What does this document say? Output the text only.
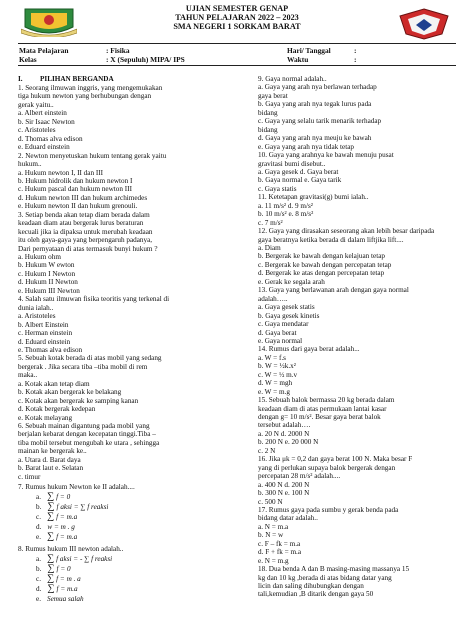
UJIAN SEMESTER GENAP
TAHUN PELAJARAN 2022 – 2023
SMA NEGERI 1 SORKAM BARAT
Mata Pelajaran	: Fisika	Hari/ Tanggal	:
Kelas	: X (Sepuluh) MIPA/ IPS	Waktu	:
I. PILIHAN BERGANDA
1. Seorang ilmuwan inggris, yang mengemukakan
tiga hukum newton yang berhubungan dengan
gerak yaitu..
a. Albert einstein
b. Sir Isaac Newton
c. Aristoteles
d. Thomas alva edison
e. Eduard einstein
2. Newton menyetuskan hukum tentang gerak yaitu
hukum..
a. Hukum newton I, II dan III
b. Hukum hidrolik dan hukum newton I
c. Hukum pascal dan hukum newton III
d. Hukum newton III dan hukum archimedes
e. Hukum newton II dan hukum grenouli.
3. Setiap benda akan tetap diam berada dalam
keadaan diam atau bergerak lurus beraturan
kecuali jika ia dipaksa untuk merubah keadaan
itu oleh gaya-gaya yang berpengaruh padanya,
Dari pernyataan di atas termasuk bunyi hukum ?
a. Hukum ohm
b. Hukum W ewton
c. Hukum I Newton
d. Hukum II Newton
e. Hukum III Newton
4. Salah satu ilmuwan fisika teoritis yang terkenal di
dunia ialah..
a. Aristoteles
b. Albert Einstein
c. Herman einstein
d. Eduard einstein
e. Thomas alva edison
5. Sebuah kotak berada di atas mobil yang sedang
bergerak . Jika secara tiba –tiba mobil di rem
maka..
a. Kotak akan tetap diam
b. Kotak akan bergerak ke belakang
c. Kotak akan bergerak ke samping kanan
d. Kotak bergerak kedepan
e. Kotak melayang
6. Sebuah mainan digantung pada mobil yang
berjalan kebarat dengan kecepatan tinggi.Tiba –
tiba mobil tersebut mengubah ke utara , sehingga
mainan ke bergerak ke..
a. Utara d. Barat daya
b. Barat laut e. Selatan
c. timur
7. Rumus hukum Newton ke II adalah....
a. ∑ f = 0
b. ∑ f aksi = ∑ f reaksi
c. ∑ f = m.a
d. w = m . g
e. ∑ f = m.a
8. Rumus hukum III newton adalah..
a. ∑ f aksi = - ∑ f reaksi
b. ∑ f = 0
c. ∑ f = m . a
d. ∑ f = m.a
e. Semua salah
9. Gaya normal adalah..
a. Gaya yang arah nya berlawan terhadap
gaya berat
b. Gaya yang arah nya tegak lurus pada
bidang
c. Gaya yang selalu tarik menarik terhadap
bidang
d. Gaya yang arah nya meuju ke bawah
e. Gaya yang arah nya tidak tetap
10. Gaya yang arahnya ke bawah menuju pusat
gravitasi bumi disebut..
a. Gaya gesek d. Gaya berat
b. Gaya normal e. Gaya tarik
c. Gaya statis
11. Ketetapan gravitasi(g) bumi ialah..
a. 11 m/s² d. 9 m/s²
b. 10 m/s² e. 8 m/s²
c. 7 m/s²
12. Gaya yang dirasakan seseorang akan lebih besar daripada
gaya beratnya ketika berada di dalam liftjika lift....
a. Diam
b. Bergerak ke bawah dengan kelajuan tetap
c. Bergerak ke bawah dengan percepatan tetap
d. Bergerak ke atas dengan percepatan tetap
e. Gerak ke segala arah
13. Gaya yang berlawanan arah dengan gaya normal
adalah…..
a. Gaya gesek statis
b. Gaya gesek kinetis
c. Gaya mendatar
d. Gaya berat
e. Gaya normal
14. Rumus dari gaya berat adalah...
a. W = f.s
b. W = ½k.x²
c. W = ½ m.v
d. W = mgh
e. W = m.g
15. Sebuah balok bermassa 20 kg berada dalam
keadaan diam di atas permukaan lantai kasar
dengan g= 10 m/s². Besar gaya berat balok
tersebut adalah….
a. 20 N d. 2000 N
b. 200 N e. 20 000 N
c. 2 N
16. Jika μk = 0,2 dan gaya berat 100 N. Maka besar F
yang di perlukan supaya balok bergerak dengan
percepatan 28 m/s² adalah....
a. 400 N d. 200 N
b. 300 N e. 100 N
c. 500 N
17. Rumus gaya pada sumbu y gerak benda pada
bidang datar adalah..
a. N = m.a
b. N = w
c. F – fk = m.a
d. F + fk = m.a
e. N = m.g
18. Dua benda A dan B masing-masing massanya 15
kg dan 10 kg ,berada di atas bidang datar yang
licin dan saling dihubungkan dengan
tali,kemudian ,B ditarik dengan gaya 50
